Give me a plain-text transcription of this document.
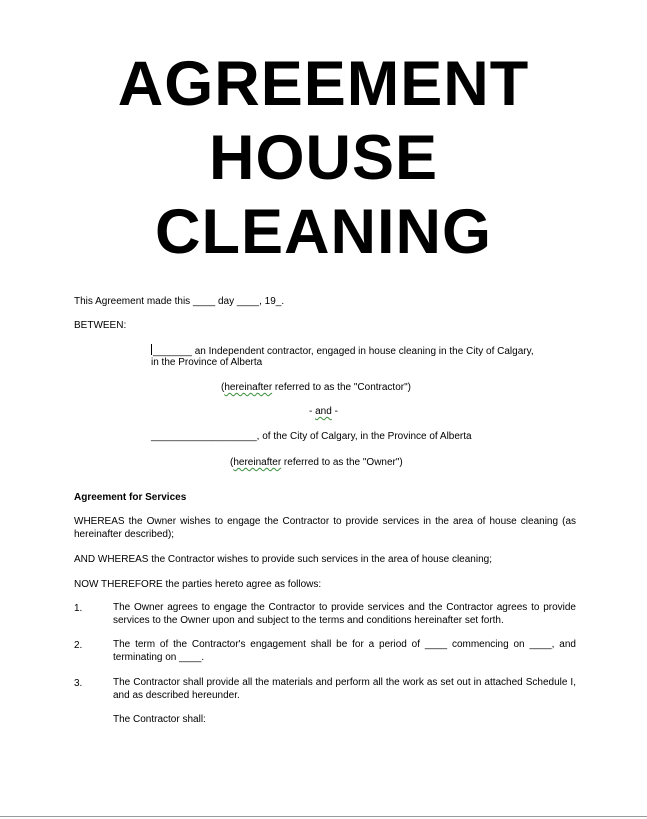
AGREEMENT
HOUSE
CLEANING
This Agreement made this ____ day ____, 19_.
BETWEEN:
_______ an Independent contractor, engaged in house cleaning in the City of Calgary,
in the Province of Alberta
(hereinafter referred to as the "Contractor")
- and -
___________________, of the City of Calgary, in the Province of Alberta
(hereinafter referred to as the "Owner")
Agreement for Services
WHEREAS the Owner wishes to engage the Contractor to provide services in the area of house cleaning (as hereinafter described);
AND WHEREAS the Contractor wishes to provide such services in the area of house cleaning;
NOW THEREFORE the parties hereto agree as follows:
1.	The Owner agrees to engage the Contractor to provide services and the Contractor agrees to provide services to the Owner upon and subject to the terms and conditions hereinafter set forth.
2.	The term of the Contractor's engagement shall be for a period of ____ commencing on ____, and terminating on ____.
3.	The Contractor shall provide all the materials and perform all the work as set out in attached Schedule I, and as described hereunder.
The Contractor shall:
